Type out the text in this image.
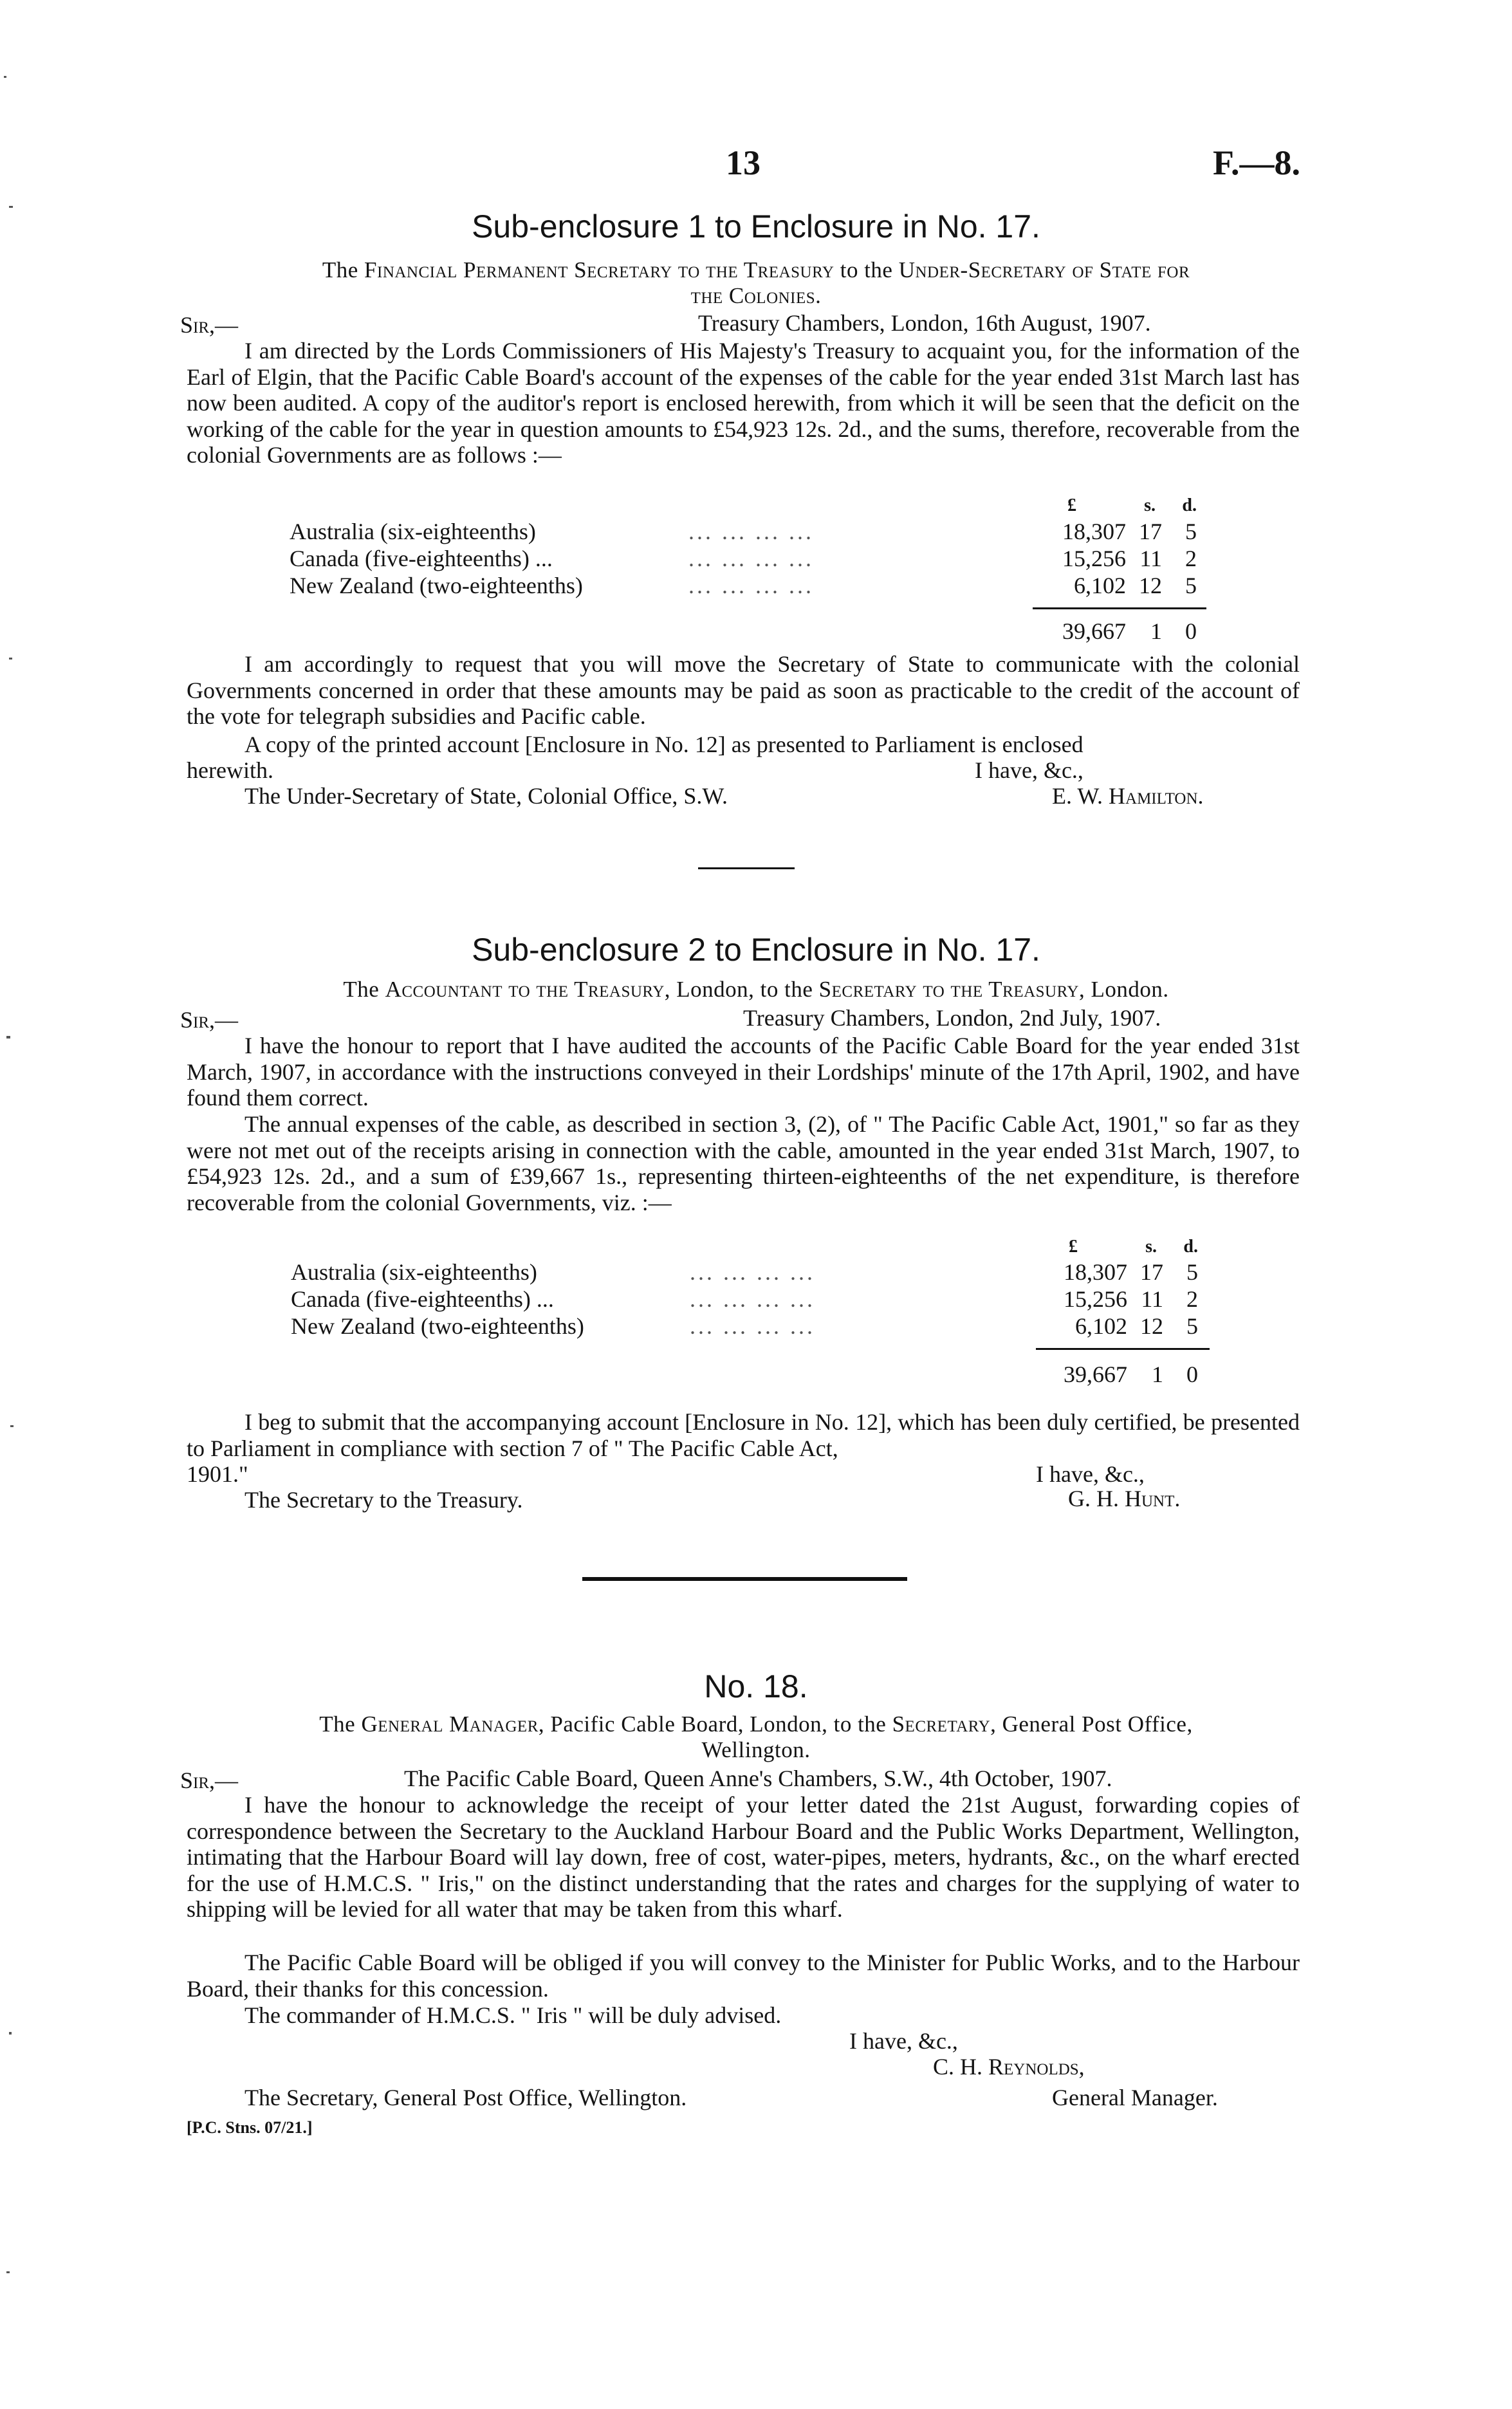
13	F.—8.
Sub-enclosure 1 to Enclosure in No. 17.
The Financial Permanent Secretary to the Treasury to the Under-Secretary of State for
the Colonies.
Sir,—	Treasury Chambers, London, 16th August, 1907.
I am directed by the Lords Commissioners of His Majesty's Treasury to acquaint you, for the information of the Earl of Elgin, that the Pacific Cable Board's account of the expenses of the cable for the year ended 31st March last has now been audited. A copy of the auditor's report is enclosed herewith, from which it will be seen that the deficit on the working of the cable for the year in question amounts to £54,923 12s. 2d., and the sums, therefore, recoverable from the colonial Governments are as follows :—
£	s.	d.
Australia (six-eighteenths)	... ... ... ...	18,307 17	5
Canada (five-eighteenths) ...	... ... ... ...	15,256 11	2
New Zealand (two-eighteenths)	... ... ... ...	6,102 12	5
39,667	1	0
I am accordingly to request that you will move the Secretary of State to communicate with the colonial Governments concerned in order that these amounts may be paid as soon as practicable to the credit of the account of the vote for telegraph subsidies and Pacific cable.
A copy of the printed account [Enclosure in No. 12] as presented to Parliament is enclosed
herewith.	I have, &c.,
The Under-Secretary of State, Colonial Office, S.W.	E. W. Hamilton.
Sub-enclosure 2 to Enclosure in No. 17.
The Accountant to the Treasury, London, to the Secretary to the Treasury, London.
Sir,—	Treasury Chambers, London, 2nd July, 1907.
I have the honour to report that I have audited the accounts of the Pacific Cable Board for the year ended 31st March, 1907, in accordance with the instructions conveyed in their Lordships' minute of the 17th April, 1902, and have found them correct.
The annual expenses of the cable, as described in section 3, (2), of " The Pacific Cable Act, 1901," so far as they were not met out of the receipts arising in connection with the cable, amounted in the year ended 31st March, 1907, to £54,923 12s. 2d., and a sum of £39,667 1s., representing thirteen-eighteenths of the net expenditure, is therefore recoverable from the colonial Governments, viz. :—
£	s.	d.
Australia (six-eighteenths)	... ... ... ...	18,307 17	5
Canada (five-eighteenths) ...	... ... ... ...	15,256 11	2
New Zealand (two-eighteenths)	... ... ... ...	6,102 12	5
39,667	1	0
I beg to submit that the accompanying account [Enclosure in No. 12], which has been duly certified, be presented to Parliament in compliance with section 7 of " The Pacific Cable Act,
1901."	I have, &c.,
The Secretary to the Treasury.	G. H. Hunt.
No. 18.
The General Manager, Pacific Cable Board, London, to the Secretary, General Post Office,
Wellington.
Sir,—	The Pacific Cable Board, Queen Anne's Chambers, S.W., 4th October, 1907.
I have the honour to acknowledge the receipt of your letter dated the 21st August, forwarding copies of correspondence between the Secretary to the Auckland Harbour Board and the Public Works Department, Wellington, intimating that the Harbour Board will lay down, free of cost, water-pipes, meters, hydrants, &c., on the wharf erected for the use of H.M.C.S. " Iris," on the distinct understanding that the rates and charges for the supplying of water to shipping will be levied for all water that may be taken from this wharf.
The Pacific Cable Board will be obliged if you will convey to the Minister for Public Works, and to the Harbour Board, their thanks for this concession.
The commander of H.M.C.S. " Iris " will be duly advised.
I have, &c.,
C. H. Reynolds,
The Secretary, General Post Office, Wellington.	General Manager.
[P.C. Stns. 07/21.]
